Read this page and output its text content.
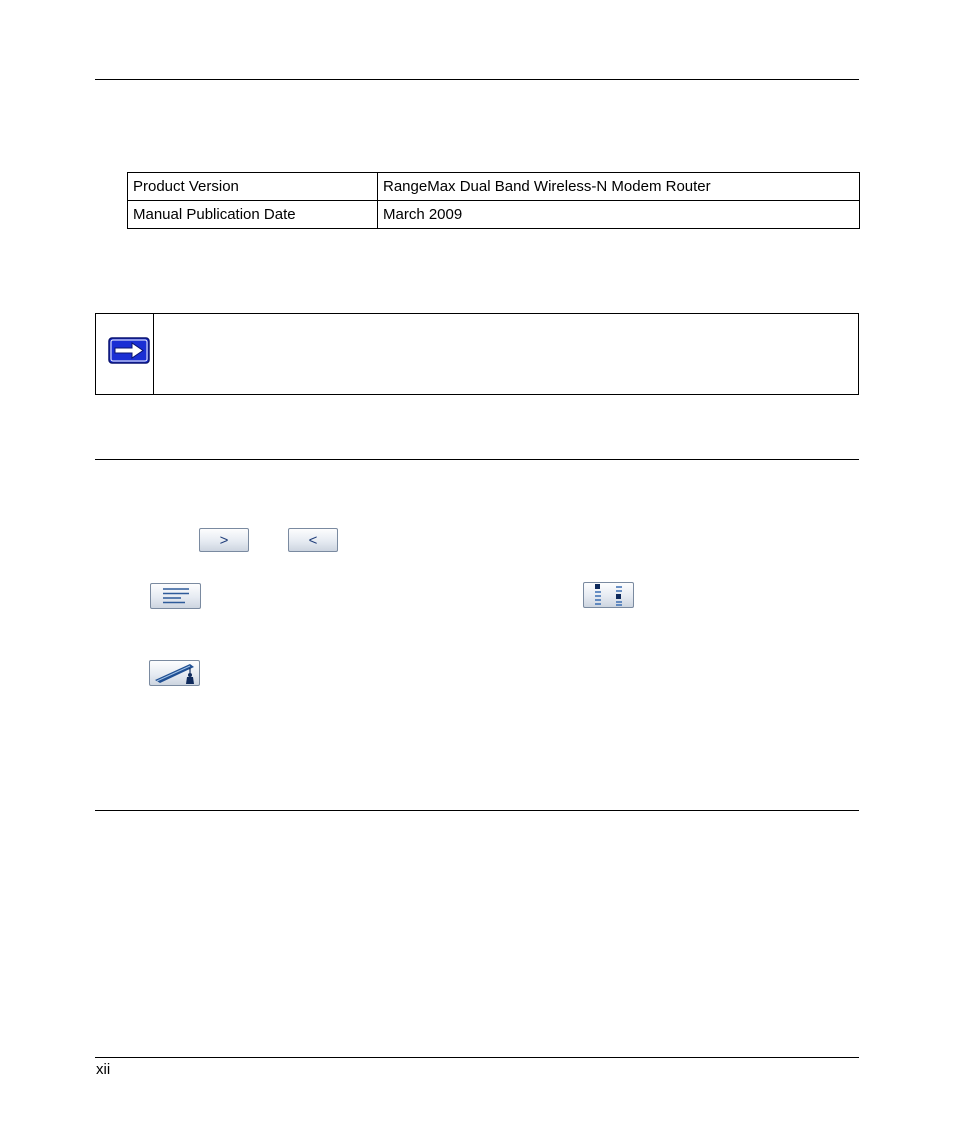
Product Version	RangeMax Dual Band Wireless-N Modem Router
Manual Publication Date	March 2009
>	<
xii
